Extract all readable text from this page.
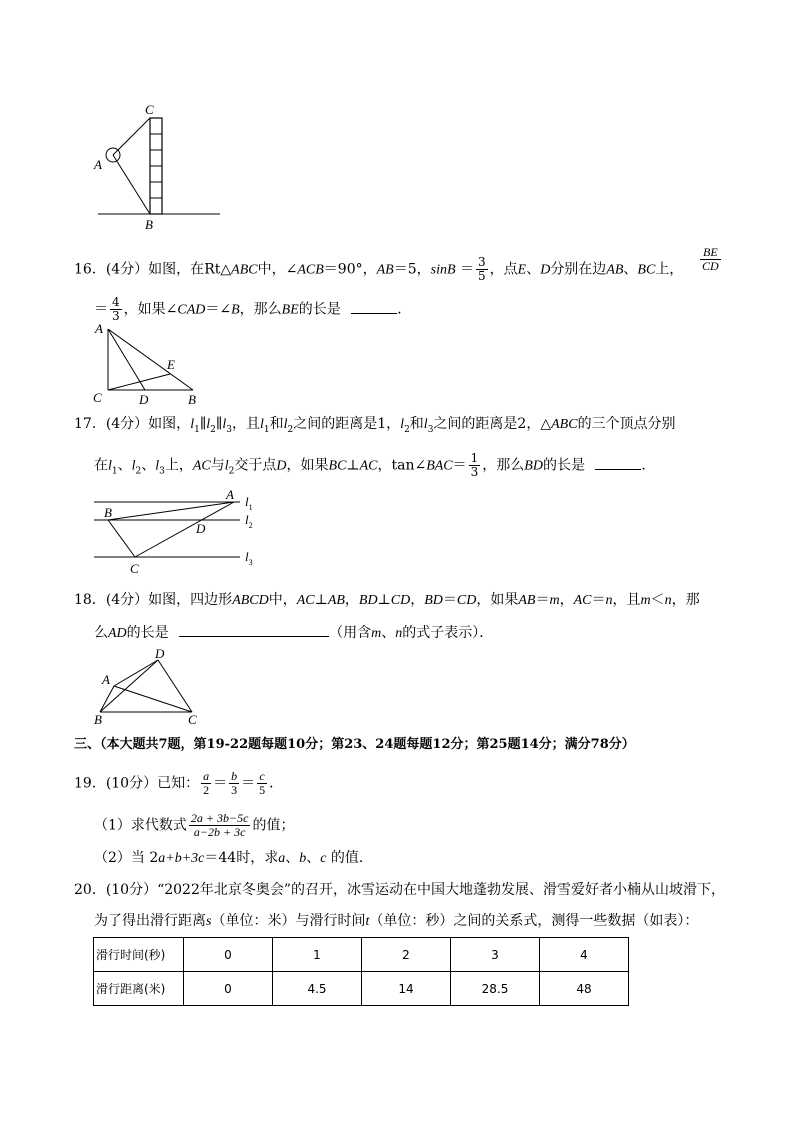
C
A
B
16．(4分）如图，在Rt△ABC中，∠ACB＝90°，AB＝5，$\sin B = \frac{3}{5}$ ，点E、D分别在边AB、BC上， $\frac{BE}{CD}$
＝ $\frac{4}{3}$ ，如果∠CAD＝∠B，那么BE的长是	．
A
E
C	D	B
17．(4分）如图，$l_1\parallel l_2\parallel l_3$，且$l_1$和$l_2$之间的距离是1，$l_2$和$l_3$之间的距离是2，△ABC的三个顶点分别
在$l_1$、$l_2$、$l_3$上，AC与$l_2$交于点D，如果BC⊥AC，tan∠BAC＝ $\frac{1}{3}$ ，那么BD的长是	．
A
B
D
C
$l_1$
$l_2$
$l_3$
18．(4分）如图，四边形ABCD中，AC⊥AB，BD⊥CD，BD＝CD，如果AB＝m，AC＝n，且m＜n，那
么AD的长是	（用含m、n的式子表示）．
D
A
B	C
三、（本大题共7题，第19-22题每题10分；第23、24题每题12分；第25题14分；满分78分）
19．(10分）已知： $\frac{a}{2} = \frac{b}{3} = \frac{c}{5}$ ．
（1）求代数式 $\frac{2a + 3b-5c}{a-2b + 3c}$ 的值；
（2）当 2a+b+3c＝44时，求a、b、c 的值．
20．(10分）“2022年北京冬奥会”的召开，冰雪运动在中国大地蓬勃发展、滑雪爱好者小楠从山坡滑下，
为了得出滑行距离s（单位：米）与滑行时间t（单位：秒）之间的关系式，测得一些数据（如表）：
滑行时间(秒)	0	1	2	3	4
滑行距离(米)	0	4.5	14	28.5	48
